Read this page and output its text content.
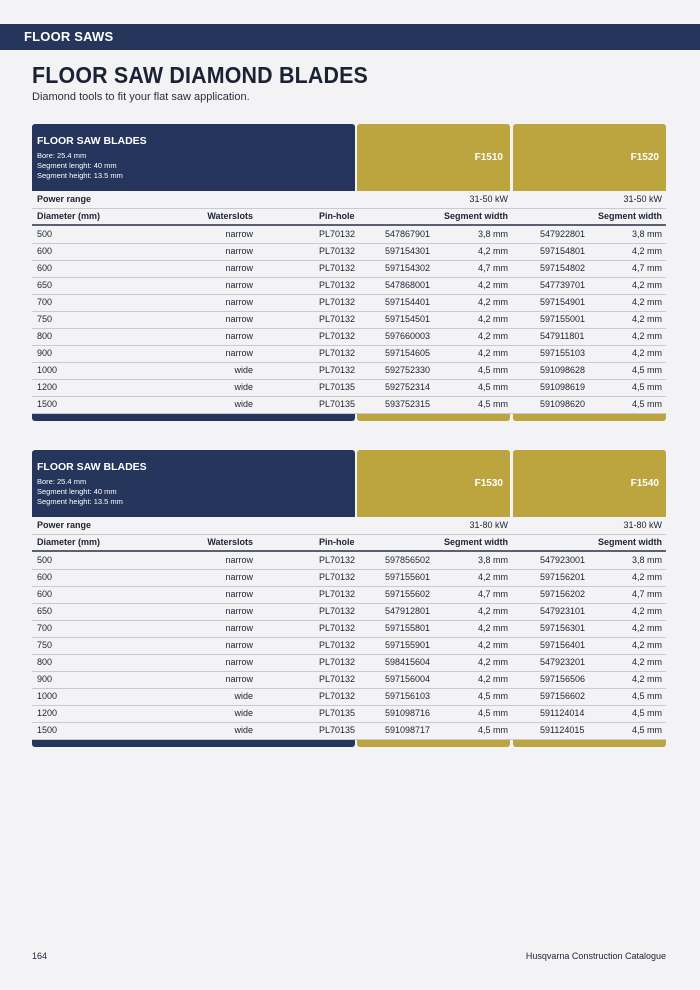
FLOOR SAWS
FLOOR SAW DIAMOND BLADES
Diamond tools to fit your flat saw application.
FLOOR SAW BLADES
Bore: 25.4 mm
Segment lenght: 40 mm
Segment height: 13.5 mm
F1510	F1520
Power range	31-50 kW	31-50 kW
Diameter (mm)	Waterslots	Pin-hole	Segment width	Segment width
500	narrow	PL70132	547867901	3,8 mm	547922801	3,8 mm
600	narrow	PL70132	597154301	4,2 mm	597154801	4,2 mm
600	narrow	PL70132	597154302	4,7 mm	597154802	4,7 mm
650	narrow	PL70132	547868001	4,2 mm	547739701	4,2 mm
700	narrow	PL70132	597154401	4,2 mm	597154901	4,2 mm
750	narrow	PL70132	597154501	4,2 mm	597155001	4,2 mm
800	narrow	PL70132	597660003	4,2 mm	547911801	4,2 mm
900	narrow	PL70132	597154605	4,2 mm	597155103	4,2 mm
1000	wide	PL70132	592752330	4,5 mm	591098628	4,5 mm
1200	wide	PL70135	592752314	4,5 mm	591098619	4,5 mm
1500	wide	PL70135	593752315	4,5 mm	591098620	4,5 mm
FLOOR SAW BLADES
Bore: 25.4 mm
Segment lenght: 40 mm
Segment height: 13.5 mm
F1530	F1540
Power range	31-80 kW	31-80 kW
Diameter (mm)	Waterslots	Pin-hole	Segment width	Segment width
500	narrow	PL70132	597856502	3,8 mm	547923001	3,8 mm
600	narrow	PL70132	597155601	4,2 mm	597156201	4,2 mm
600	narrow	PL70132	597155602	4,7 mm	597156202	4,7 mm
650	narrow	PL70132	547912801	4,2 mm	547923101	4,2 mm
700	narrow	PL70132	597155801	4,2 mm	597156301	4,2 mm
750	narrow	PL70132	597155901	4,2 mm	597156401	4,2 mm
800	narrow	PL70132	598415604	4,2 mm	547923201	4,2 mm
900	narrow	PL70132	597156004	4,2 mm	597156506	4,2 mm
1000	wide	PL70132	597156103	4,5 mm	597156602	4,5 mm
1200	wide	PL70135	591098716	4,5 mm	591124014	4,5 mm
1500	wide	PL70135	591098717	4,5 mm	591124015	4,5 mm
164	Husqvarna Construction Catalogue
